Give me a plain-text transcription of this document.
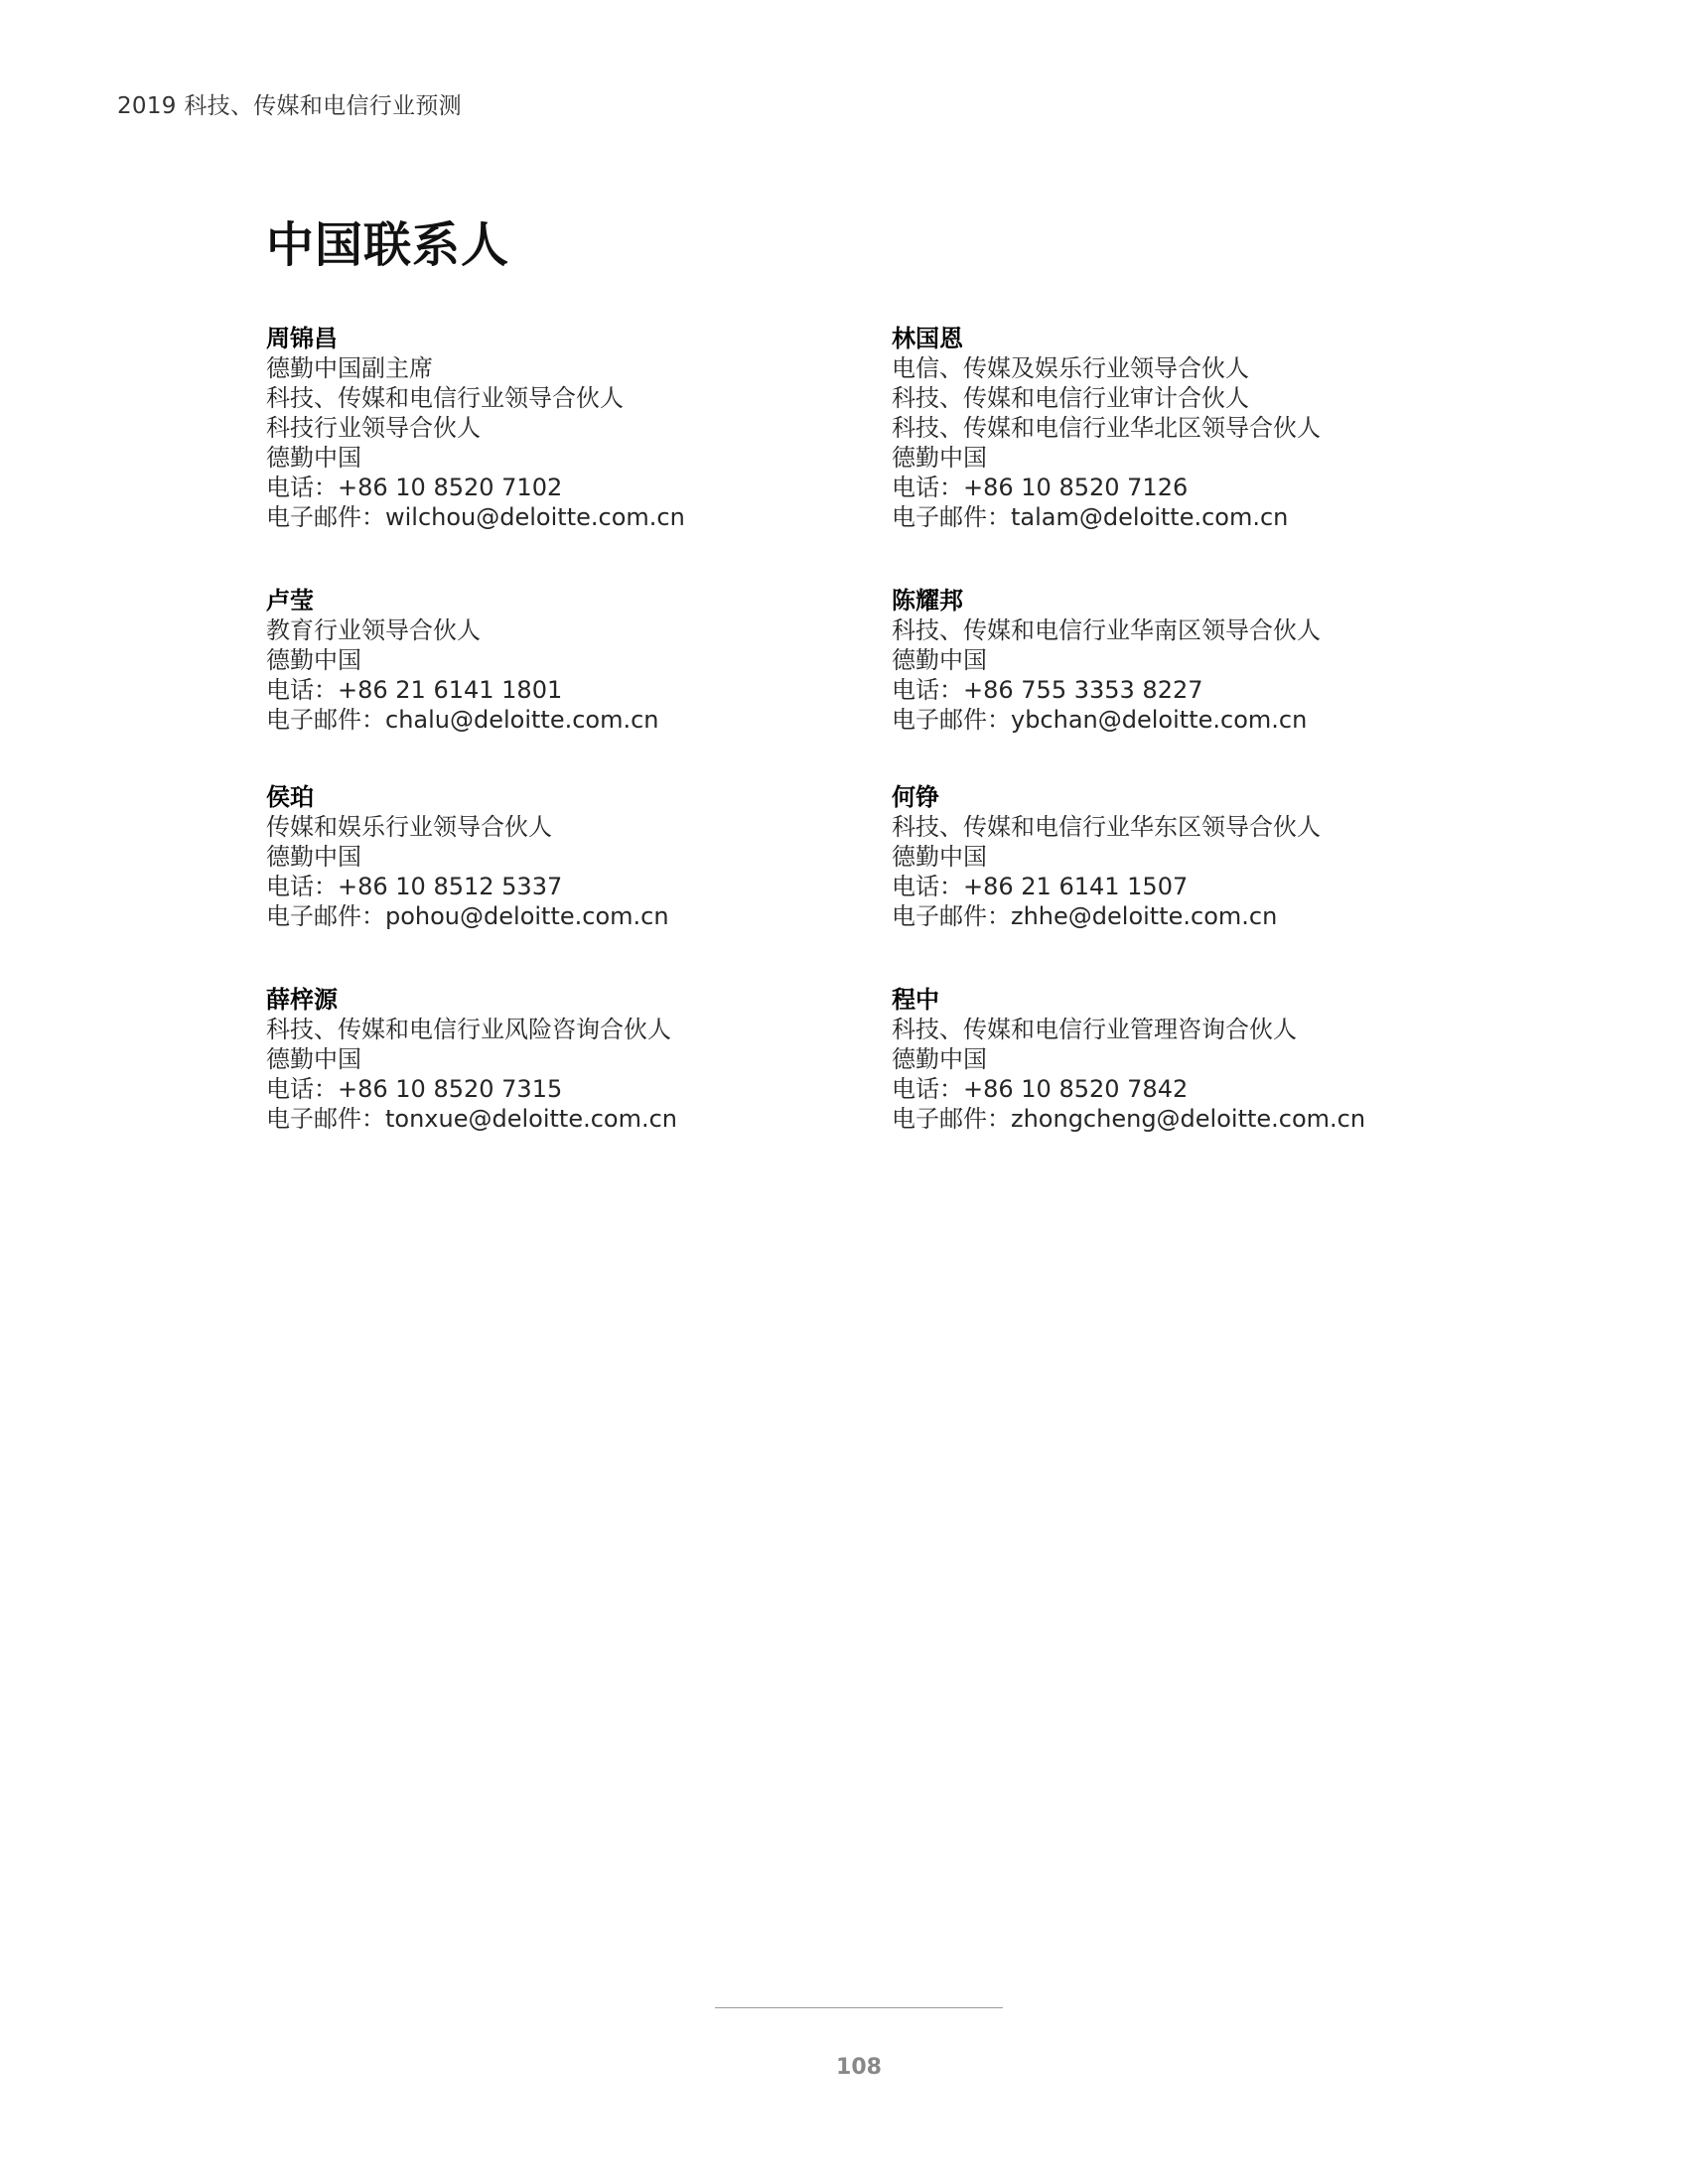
2019 科技、传媒和电信行业预测
中国联系人
周锦昌
德勤中国副主席
科技、传媒和电信行业领导合伙人
科技行业领导合伙人
德勤中国
电话：+86 10 8520 7102
电子邮件：wilchou@deloitte.com.cn
卢莹
教育行业领导合伙人
德勤中国
电话：+86 21 6141 1801
电子邮件：chalu@deloitte.com.cn
侯珀
传媒和娱乐行业领导合伙人
德勤中国
电话：+86 10 8512 5337
电子邮件：pohou@deloitte.com.cn
薛梓源
科技、传媒和电信行业风险咨询合伙人
德勤中国
电话：+86 10 8520 7315
电子邮件：tonxue@deloitte.com.cn
林国恩
电信、传媒及娱乐行业领导合伙人
科技、传媒和电信行业审计合伙人
科技、传媒和电信行业华北区领导合伙人
德勤中国
电话：+86 10 8520 7126
电子邮件：talam@deloitte.com.cn
陈耀邦
科技、传媒和电信行业华南区领导合伙人
德勤中国
电话：+86 755 3353 8227
电子邮件：ybchan@deloitte.com.cn
何铮
科技、传媒和电信行业华东区领导合伙人
德勤中国
电话：+86 21 6141 1507
电子邮件：zhhe@deloitte.com.cn
程中
科技、传媒和电信行业管理咨询合伙人
德勤中国
电话：+86 10 8520 7842
电子邮件：zhongcheng@deloitte.com.cn
108
